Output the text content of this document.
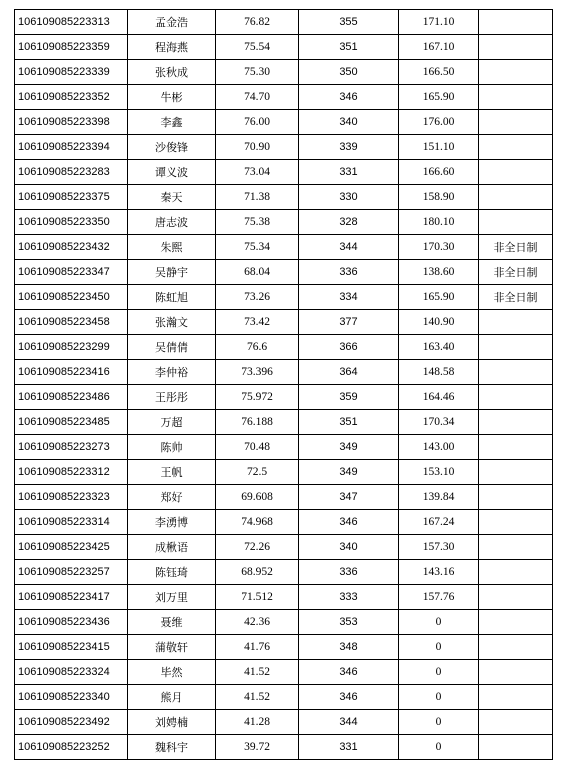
106109085223313	孟金浩	76.82	355	171.10	
106109085223359	程海燕	75.54	351	167.10	
106109085223339	张秋成	75.30	350	166.50	
106109085223352	牛彬	74.70	346	165.90	
106109085223398	李鑫	76.00	340	176.00	
106109085223394	沙俊锋	70.90	339	151.10	
106109085223283	谭义波	73.04	331	166.60	
106109085223375	秦天	71.38	330	158.90	
106109085223350	唐志波	75.38	328	180.10	
106109085223432	朱熙	75.34	344	170.30	非全日制
106109085223347	吴静宇	68.04	336	138.60	非全日制
106109085223450	陈虹旭	73.26	334	165.90	非全日制
106109085223458	张瀚文	73.42	377	140.90	
106109085223299	吴倩倩	76.6	366	163.40	
106109085223416	李仲裕	73.396	364	148.58	
106109085223486	王彤彤	75.972	359	164.46	
106109085223485	万超	76.188	351	170.34	
106109085223273	陈帅	70.48	349	143.00	
106109085223312	王帆	72.5	349	153.10	
106109085223323	郑好	69.608	347	139.84	
106109085223314	李湧博	74.968	346	167.24	
106109085223425	成楸语	72.26	340	157.30	
106109085223257	陈钰琦	68.952	336	143.16	
106109085223417	刘万里	71.512	333	157.76	
106109085223436	聂维	42.36	353	0	
106109085223415	蒲敬轩	41.76	348	0	
106109085223324	毕然	41.52	346	0	
106109085223340	熊月	41.52	346	0	
106109085223492	刘娉楠	41.28	344	0	
106109085223252	魏科宇	39.72	331	0	
